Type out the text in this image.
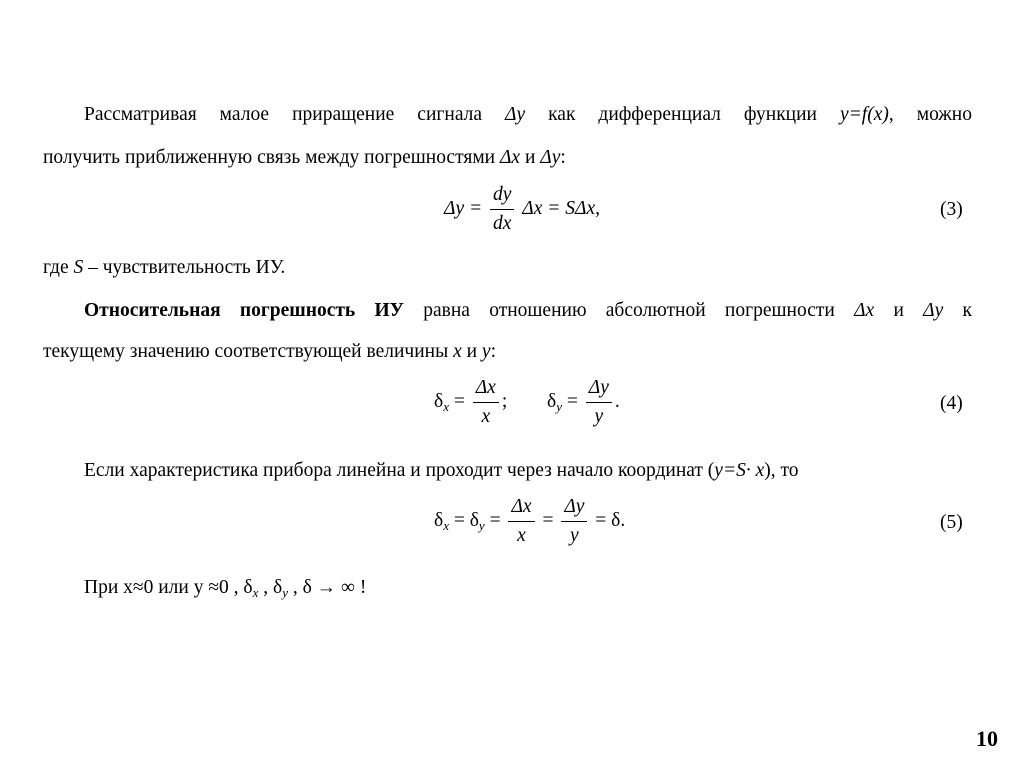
Рассматривая малое приращение сигнала Δy как дифференциал функции y=f(x), можно

получить приближенную связь между погрешностями Δx и Δy:

$\Delta y = \frac{dy}{dx}$ Δx = SΔx,	(3)

где S – чувствительность ИУ.

Относительная погрешность ИУ равна отношению абсолютной погрешности Δx и Δy к

текущему значению соответствующей величины x и y:

$\delta_x = \frac{\Delta x}{x}$ ; $\delta_y = \frac{\Delta y}{y}$ .	(4)

Если характеристика прибора линейна и проходит через начало координат (y=S· x), то

$\delta_x = \delta_y = \frac{\Delta x}{x} = \frac{\Delta y}{y} = \delta$.	(5)

При x≈0 или y ≈0 , $\delta_x$ , $\delta_y$ , δ → ∞ !

10
